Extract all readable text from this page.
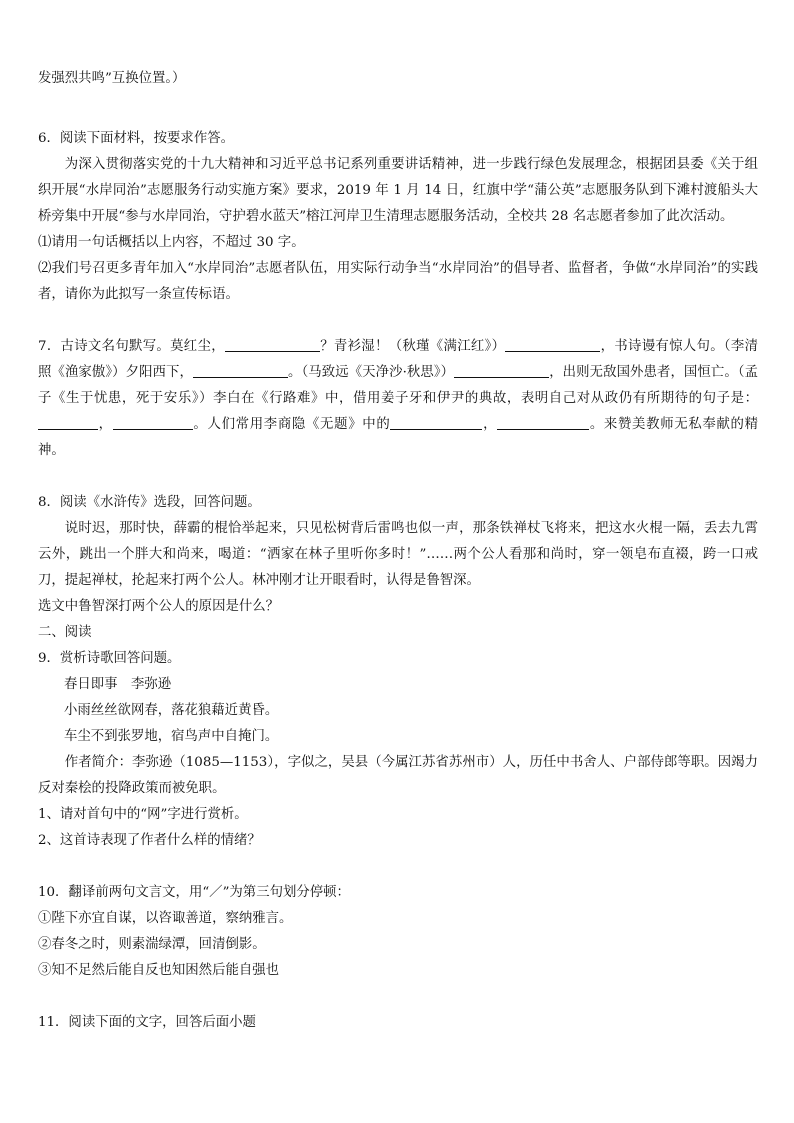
发强烈共鸣”互换位置。）

6．阅读下面材料，按要求作答。

为深入贯彻落实党的十九大精神和习近平总书记系列重要讲话精神，进一步践行绿色发展理念，根据团县委《关于组织开展“水岸同治”志愿服务行动实施方案》要求，2019 年 1 月 14 日，红旗中学“蒲公英”志愿服务队到下滩村渡船头大桥旁集中开展“参与水岸同治，守护碧水蓝天”榕江河岸卫生清理志愿服务活动，全校共 28 名志愿者参加了此次活动。

⑴请用一句话概括以上内容，不超过 30 字。

⑵我们号召更多青年加入“水岸同治”志愿者队伍，用实际行动争当“水岸同治”的倡导者、监督者，争做“水岸同治”的实践者，请你为此拟写一条宣传标语。

7．古诗文名句默写。莫红尘，	？青衫湿！（秋瑾《满江红》）	，书诗谩有惊人句。（李清照《渔家傲》）夕阳西下，	。（马致远《天净沙·秋思》）	，出则无敌国外患者，国恒亡。（孟子《生于忧患，死于安乐》）李白在《行路难》中，借用姜子牙和伊尹的典故，表明自己对从政仍有所期待的句子是：，	。人们常用李商隐《无题》中的	，	。来赞美教师无私奉献的精神。

8．阅读《水浒传》选段，回答问题。

说时迟，那时快，薛霸的棍恰举起来，只见松树背后雷鸣也似一声，那条铁禅杖飞将来，把这水火棍一隔，丢去九霄云外，跳出一个胖大和尚来，喝道：“洒家在林子里听你多时！”……两个公人看那和尚时，穿一领皂布直裰，跨一口戒刀，提起禅杖，抡起来打两个公人。林冲刚才让开眼看时，认得是鲁智深。

选文中鲁智深打两个公人的原因是什么？

二、阅读

9．赏析诗歌回答问题。

春日即事　李弥逊

小雨丝丝欲网春，落花狼藉近黄昏。

车尘不到张罗地，宿鸟声中自掩门。

作者简介：李弥逊（1085—1153），字似之，吴县（今属江苏省苏州市）人，历任中书舍人、户部侍郎等职。因竭力反对秦桧的投降政策而被免职。

1、请对首句中的“网”字进行赏析。

2、这首诗表现了作者什么样的情绪？

10．翻译前两句文言文，用“／”为第三句划分停顿：

①陛下亦宜自谋，以咨诹善道，察纳雅言。

②春冬之时，则素湍绿潭，回清倒影。

③知不足然后能自反也知困然后能自强也

11．阅读下面的文字，回答后面小题
